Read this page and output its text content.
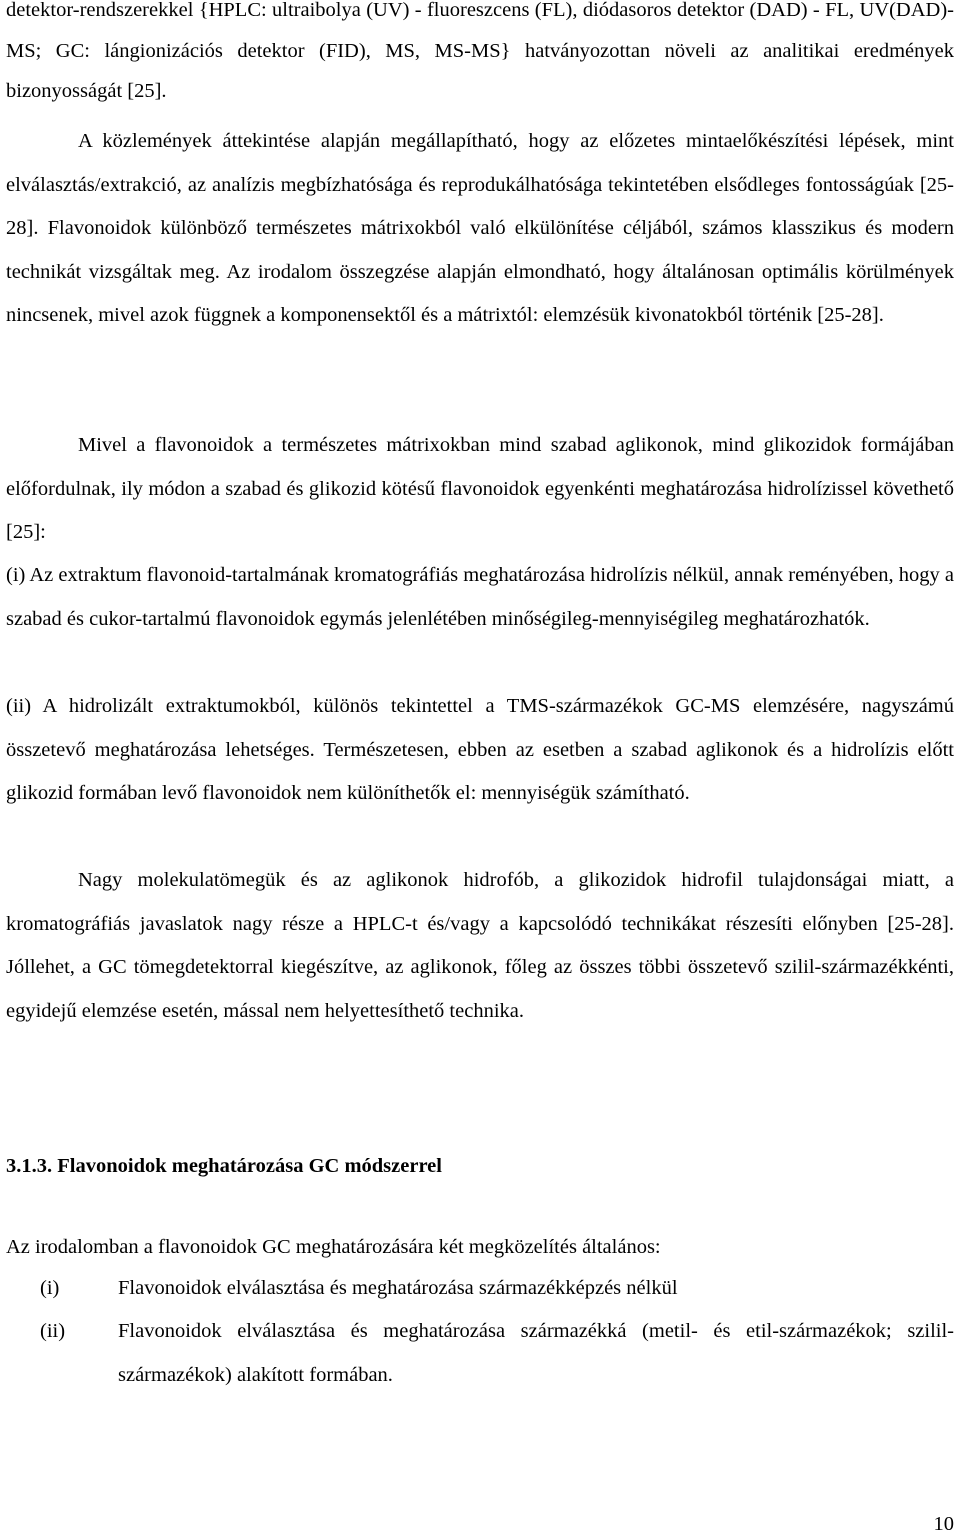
detektor-rendszerekkel {HPLC: ultraibolya (UV) - fluoreszcens (FL), diódasoros detektor (DAD) - FL, UV(DAD)-MS; GC: lángionizációs detektor (FID), MS, MS-MS} hatványozottan növeli az analitikai eredmények bizonyosságát [25].

A közlemények áttekintése alapján megállapítható, hogy az előzetes mintaelőkészítési lépések, mint elválasztás/extrakció, az analízis megbízhatósága és reprodukálhatósága tekintetében elsődleges fontosságúak [25-28]. Flavonoidok különböző természetes mátrixokból való elkülönítése céljából, számos klasszikus és modern technikát vizsgáltak meg. Az irodalom összegzése alapján elmondható, hogy általánosan optimális körülmények nincsenek, mivel azok függnek a komponensektől és a mátrixtól: elemzésük kivonatokból történik [25-28].

Mivel a flavonoidok a természetes mátrixokban mind szabad aglikonok, mind glikozidok formájában előfordulnak, ily módon a szabad és glikozid kötésű flavonoidok egyenkénti meghatározása hidrolízissel követhető [25]:

(i) Az extraktum flavonoid-tartalmának kromatográfiás meghatározása hidrolízis nélkül, annak reményében, hogy a szabad és cukor-tartalmú flavonoidok egymás jelenlétében minőségileg-mennyiségileg meghatározhatók.

(ii) A hidrolizált extraktumokból, különös tekintettel a TMS-származékok GC-MS elemzésére, nagyszámú összetevő meghatározása lehetséges. Természetesen, ebben az esetben a szabad aglikonok és a hidrolízis előtt glikozid formában levő flavonoidok nem különíthetők el: mennyiségük számítható.

Nagy molekulatömegük és az aglikonok hidrofób, a glikozidok hidrofil tulajdonságai miatt, a kromatográfiás javaslatok nagy része a HPLC-t és/vagy a kapcsolódó technikákat részesíti előnyben [25-28]. Jóllehet, a GC tömegdetektorral kiegészítve, az aglikonok, főleg az összes többi összetevő szilil-származékkénti, egyidejű elemzése esetén, mással nem helyettesíthető technika.

3.1.3. Flavonoidok meghatározása GC módszerrel

Az irodalomban a flavonoidok GC meghatározására két megközelítés általános:

(i)	Flavonoidok elválasztása és meghatározása származékképzés nélkül
(ii)	Flavonoidok elválasztása és meghatározása származékká (metil- és etil-származékok; szilil-származékok) alakított formában.
10
